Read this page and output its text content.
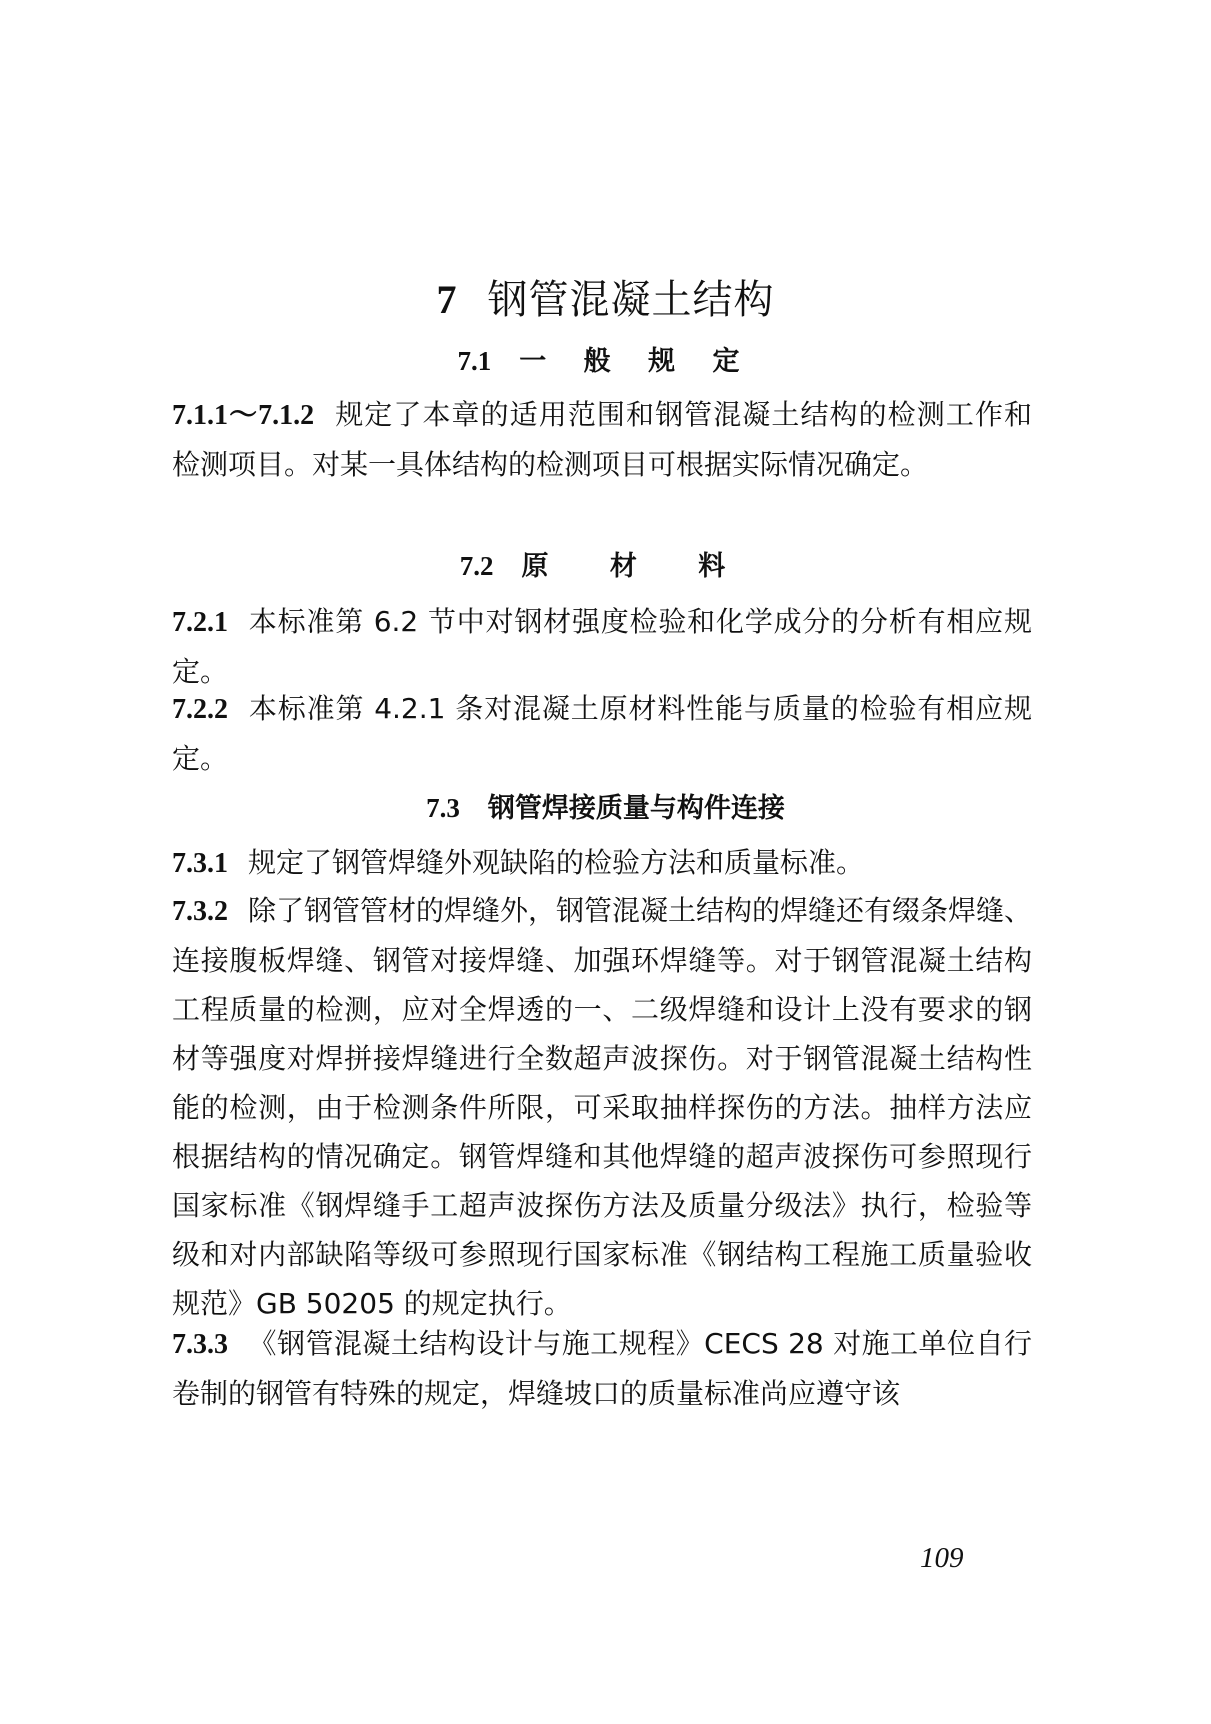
7 钢管混凝土结构
7.1 一 般 规 定
7.1.1～7.1.2 规定了本章的适用范围和钢管混凝土结构的检测工作和检测项目。对某一具体结构的检测项目可根据实际情况确定。
7.2 原 材 料
7.2.1 本标准第 6.2 节中对钢材强度检验和化学成分的分析有相应规定。
7.2.2 本标准第 4.2.1 条对混凝土原材料性能与质量的检验有相应规定。
7.3 钢管焊接质量与构件连接
7.3.1 规定了钢管焊缝外观缺陷的检验方法和质量标准。
7.3.2 除了钢管管材的焊缝外，钢管混凝土结构的焊缝还有缀条焊缝、连接腹板焊缝、钢管对接焊缝、加强环焊缝等。对于钢管混凝土结构工程质量的检测，应对全焊透的一、二级焊缝和设计上没有要求的钢材等强度对焊拼接焊缝进行全数超声波探伤。对于钢管混凝土结构性能的检测，由于检测条件所限，可采取抽样探伤的方法。抽样方法应根据结构的情况确定。钢管焊缝和其他焊缝的超声波探伤可参照现行国家标准《钢焊缝手工超声波探伤方法及质量分级法》执行，检验等级和对内部缺陷等级可参照现行国家标准《钢结构工程施工质量验收规范》GB 50205 的规定执行。
7.3.3 《钢管混凝土结构设计与施工规程》CECS 28 对施工单位自行卷制的钢管有特殊的规定，焊缝坡口的质量标准尚应遵守该
109
